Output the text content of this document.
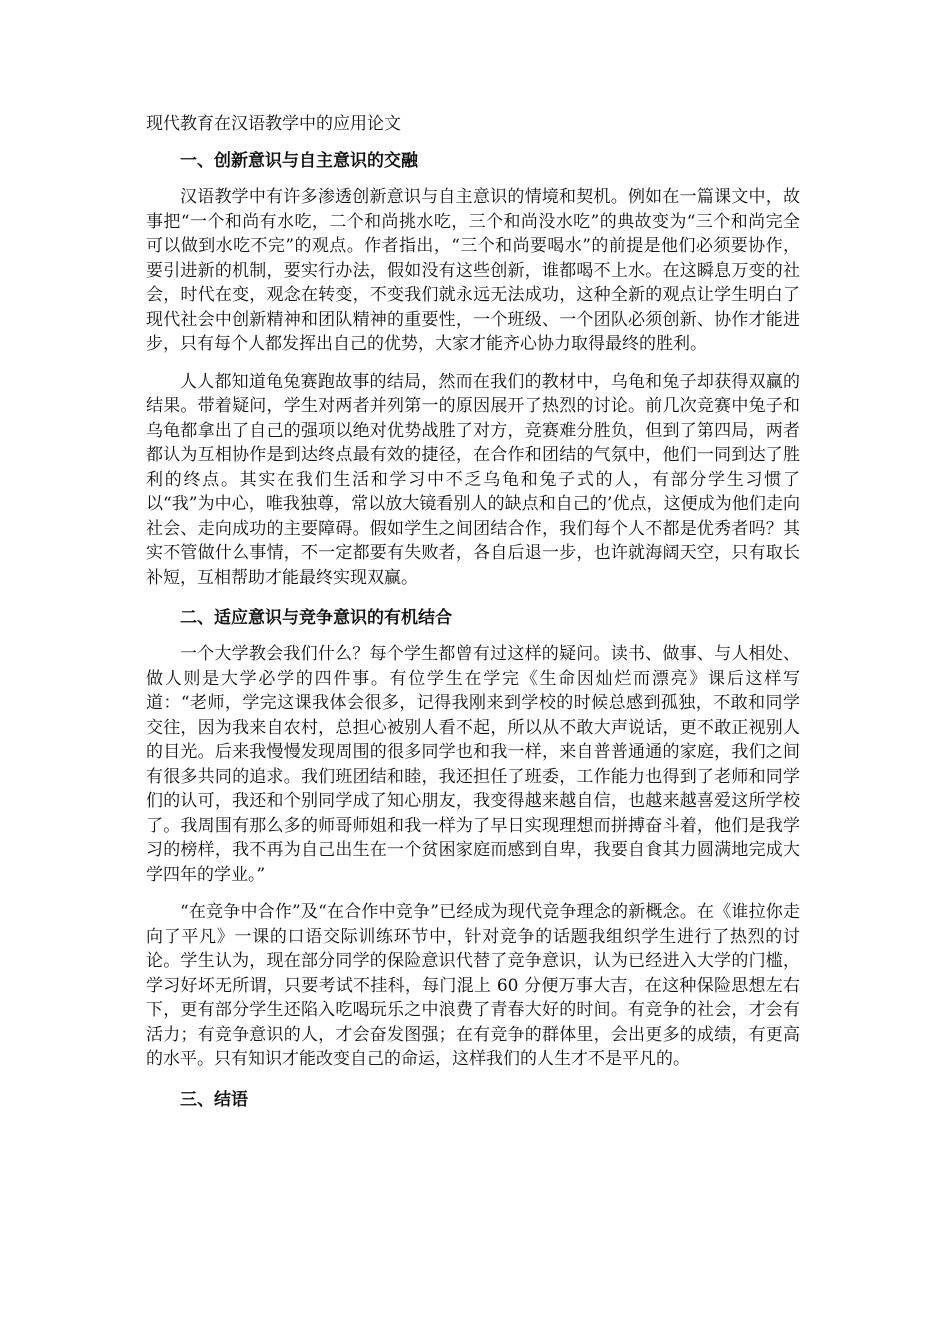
现代教育在汉语教学中的应用论文
一、创新意识与自主意识的交融

汉语教学中有许多渗透创新意识与自主意识的情境和契机。例如在一篇课文中，故事把“一个和尚有水吃，二个和尚挑水吃，三个和尚没水吃”的典故变为“三个和尚完全可以做到水吃不完”的观点。作者指出，“三个和尚要喝水”的前提是他们必须要协作，要引进新的机制，要实行办法，假如没有这些创新，谁都喝不上水。在这瞬息万变的社会，时代在变，观念在转变，不变我们就永远无法成功，这种全新的观点让学生明白了现代社会中创新精神和团队精神的重要性，一个班级、一个团队必须创新、协作才能进步，只有每个人都发挥出自己的优势，大家才能齐心协力取得最终的胜利。

人人都知道龟兔赛跑故事的结局，然而在我们的教材中，乌龟和兔子却获得双赢的结果。带着疑问，学生对两者并列第一的原因展开了热烈的讨论。前几次竞赛中兔子和乌龟都拿出了自己的强项以绝对优势战胜了对方，竞赛难分胜负，但到了第四局，两者都认为互相协作是到达终点最有效的捷径，在合作和团结的气氛中，他们一同到达了胜利的终点。其实在我们生活和学习中不乏乌龟和兔子式的人，有部分学生习惯了以“我”为中心，唯我独尊，常以放大镜看别人的缺点和自己的’优点，这便成为他们走向社会、走向成功的主要障碍。假如学生之间团结合作，我们每个人不都是优秀者吗？其实不管做什么事情，不一定都要有失败者，各自后退一步，也许就海阔天空，只有取长补短，互相帮助才能最终实现双赢。

二、适应意识与竞争意识的有机结合

一个大学教会我们什么？每个学生都曾有过这样的疑问。读书、做事、与人相处、做人则是大学必学的四件事。有位学生在学完《生命因灿烂而漂亮》课后这样写道：“老师，学完这课我体会很多，记得我刚来到学校的时候总感到孤独，不敢和同学交往，因为我来自农村，总担心被别人看不起，所以从不敢大声说话，更不敢正视别人的目光。后来我慢慢发现周围的很多同学也和我一样，来自普普通通的家庭，我们之间有很多共同的追求。我们班团结和睦，我还担任了班委，工作能力也得到了老师和同学们的认可，我还和个别同学成了知心朋友，我变得越来越自信，也越来越喜爱这所学校了。我周围有那么多的师哥师姐和我一样为了早日实现理想而拼搏奋斗着，他们是我学习的榜样，我不再为自己出生在一个贫困家庭而感到自卑，我要自食其力圆满地完成大学四年的学业。”

“在竞争中合作”及“在合作中竞争”已经成为现代竞争理念的新概念。在《谁拉你走向了平凡》一课的口语交际训练环节中，针对竞争的话题我组织学生进行了热烈的讨论。学生认为，现在部分同学的保险意识代替了竞争意识，认为已经进入大学的门槛，学习好坏无所谓，只要考试不挂科，每门混上 60 分便万事大吉，在这种保险思想左右下，更有部分学生还陷入吃喝玩乐之中浪费了青春大好的时间。有竞争的社会，才会有活力；有竞争意识的人，才会奋发图强；在有竞争的群体里，会出更多的成绩，有更高的水平。只有知识才能改变自己的命运，这样我们的人生才不是平凡的。

三、结语
